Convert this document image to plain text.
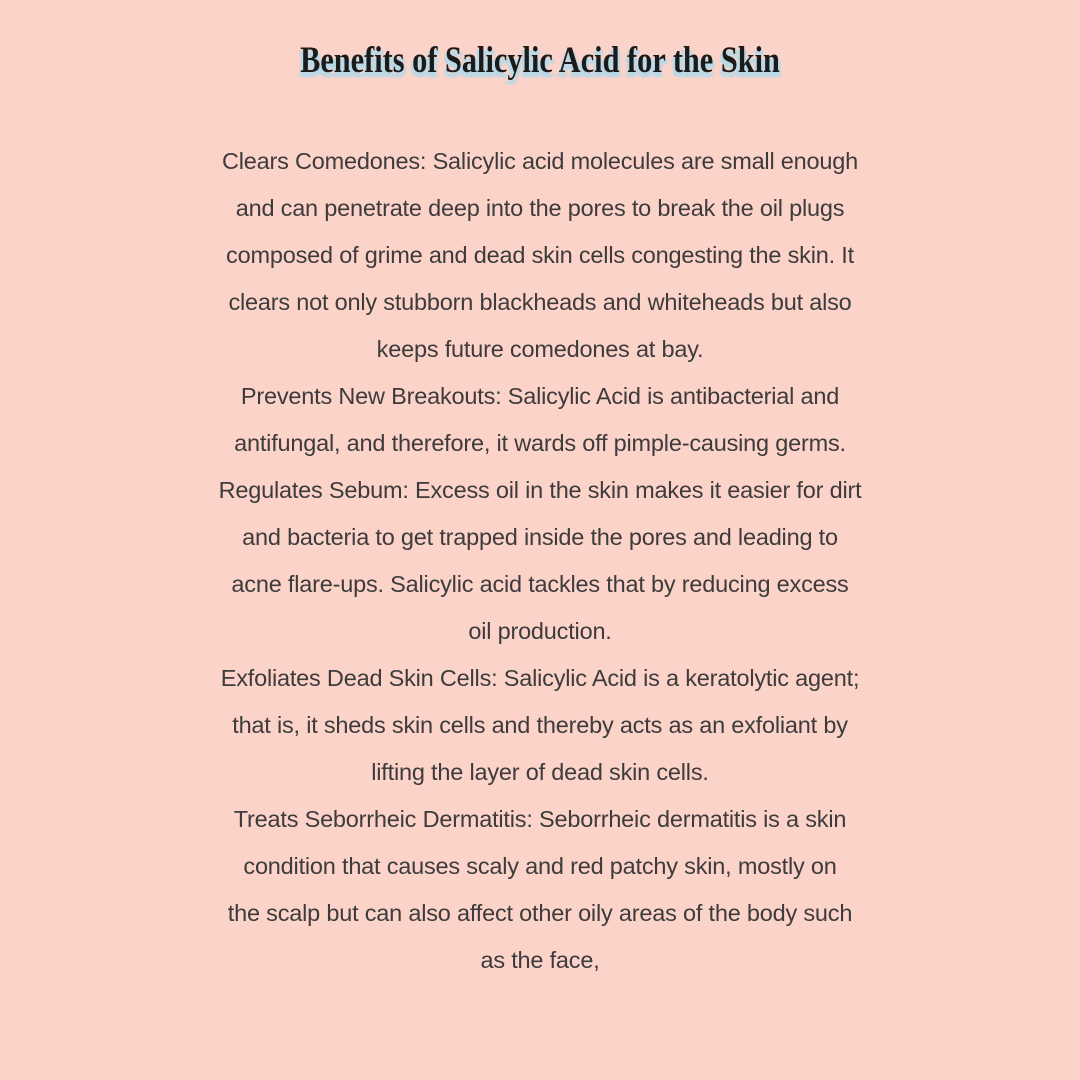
Benefits of Salicylic Acid for the Skin
Clears Comedones: Salicylic acid molecules are small enough
and can penetrate deep into the pores to break the oil plugs
composed of grime and dead skin cells congesting the skin. It
clears not only stubborn blackheads and whiteheads but also
keeps future comedones at bay.
Prevents New Breakouts: Salicylic Acid is antibacterial and
antifungal, and therefore, it wards off pimple-causing germs.
Regulates Sebum: Excess oil in the skin makes it easier for dirt
and bacteria to get trapped inside the pores and leading to
acne flare-ups. Salicylic acid tackles that by reducing excess
oil production.
Exfoliates Dead Skin Cells: Salicylic Acid is a keratolytic agent;
that is, it sheds skin cells and thereby acts as an exfoliant by
lifting the layer of dead skin cells.
Treats Seborrheic Dermatitis: Seborrheic dermatitis is a skin
condition that causes scaly and red patchy skin, mostly on
the scalp but can also affect other oily areas of the body such
as the face,
